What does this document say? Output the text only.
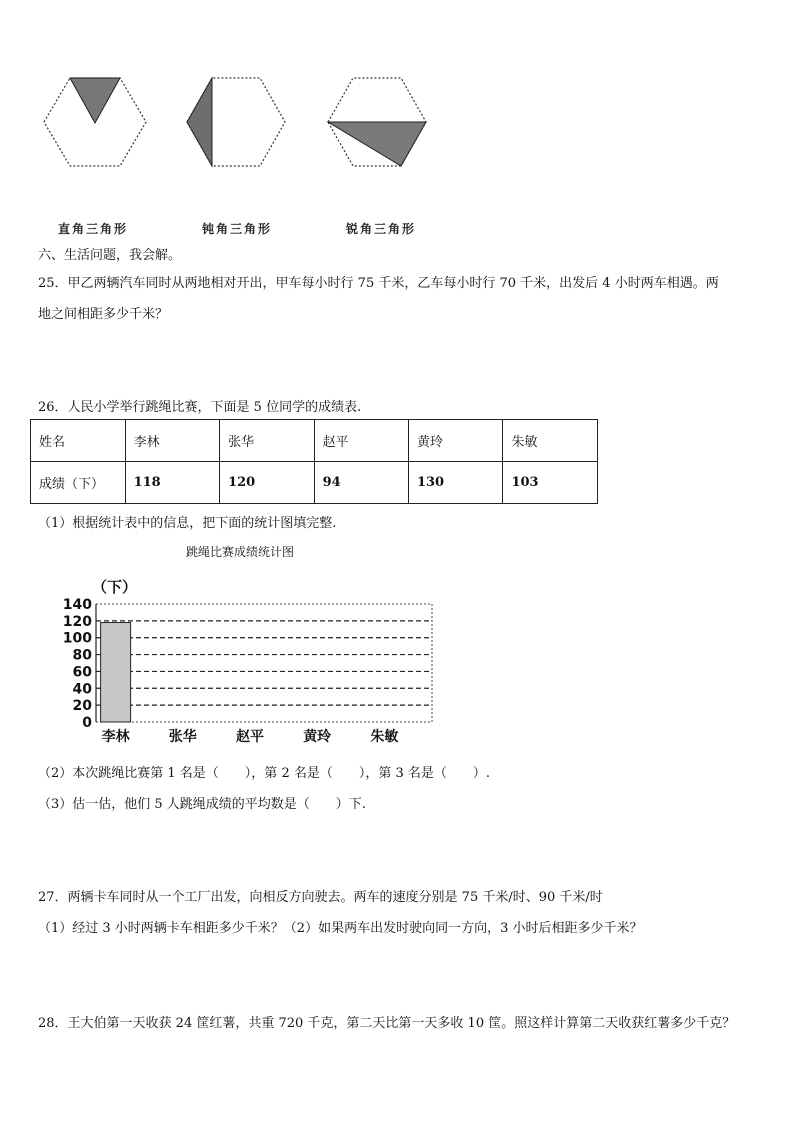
直角三角形	钝角三角形	锐角三角形
六、生活问题，我会解。
25．甲乙两辆汽车同时从两地相对开出，甲车每小时行 75 千米，乙车每小时行 70 千米，出发后 4 小时两车相遇。两
地之间相距多少千米？
26．人民小学举行跳绳比赛，下面是 5 位同学的成绩表.
姓名	李林	张华	赵平	黄玲	朱敏
成绩（下）	118	120	94	130	103
（1）根据统计表中的信息，把下面的统计图填完整.
跳绳比赛成绩统计图
（下）
0
20
40
60
80
100
120
140
李林	张华	赵平	黄玲	朱敏
（2）本次跳绳比赛第 1 名是（　　），第 2 名是（　　），第 3 名是（　　）.
（3）估一估，他们 5 人跳绳成绩的平均数是（　　）下.
27．两辆卡车同时从一个工厂出发，向相反方向驶去。两车的速度分别是 75 千米/时、90 千米/时
（1）经过 3 小时两辆卡车相距多少千米？（2）如果两车出发时驶向同一方向，3 小时后相距多少千米？
28．王大伯第一天收获 24 筐红薯，共重 720 千克，第二天比第一天多收 10 筐。照这样计算第二天收获红薯多少千克？
